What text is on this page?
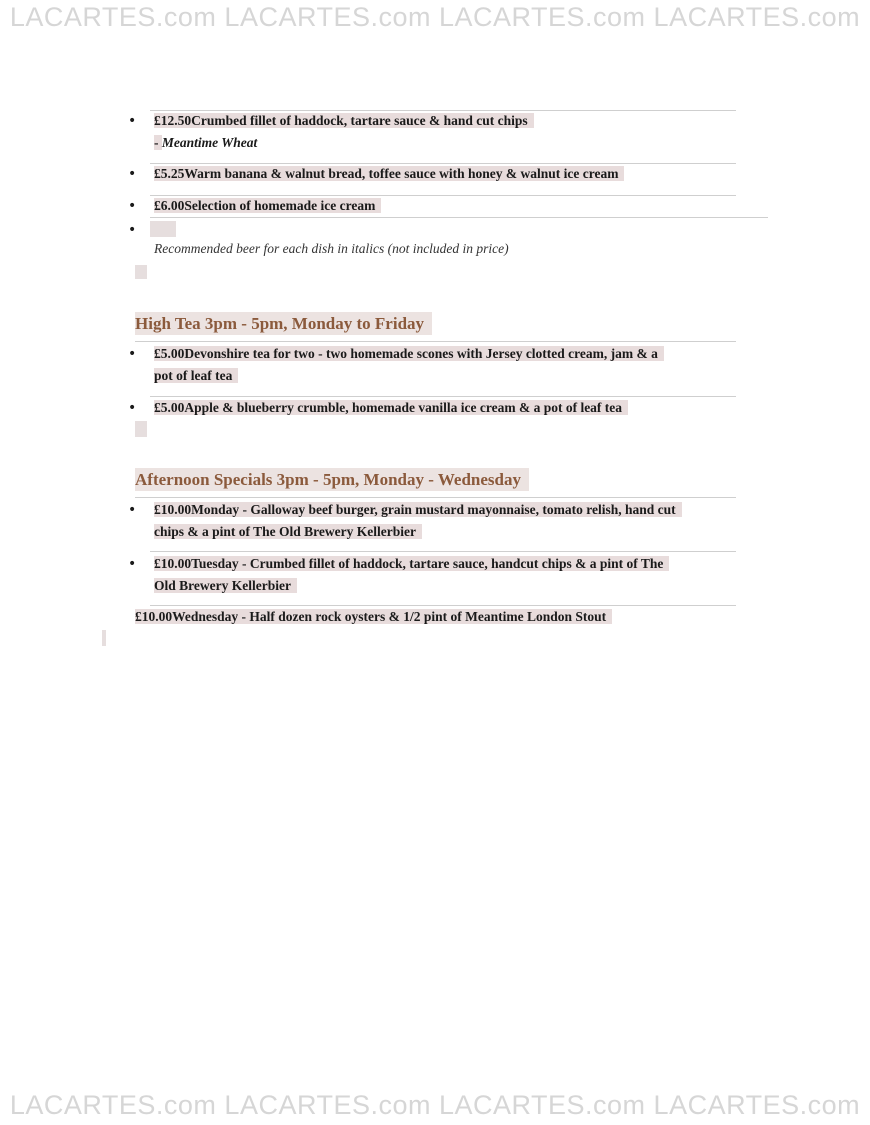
LACARTES.com LACARTES.com LACARTES.com LACARTES.com
LACARTES.com LACARTES.com LACARTES.com LACARTES.com
• £12.50Crumbed fillet of haddock, tartare sauce & hand cut chips
- Meantime Wheat
• £5.25Warm banana & walnut bread, toffee sauce with honey & walnut ice cream
• £6.00Selection of homemade ice cream
•
Recommended beer for each dish in italics (not included in price)
High Tea 3pm - 5pm, Monday to Friday
• £5.00Devonshire tea for two - two homemade scones with Jersey clotted cream, jam & a
pot of leaf tea
• £5.00Apple & blueberry crumble, homemade vanilla ice cream & a pot of leaf tea
Afternoon Specials 3pm - 5pm, Monday - Wednesday
• £10.00Monday - Galloway beef burger, grain mustard mayonnaise, tomato relish, hand cut
chips & a pint of The Old Brewery Kellerbier
• £10.00Tuesday - Crumbed fillet of haddock, tartare sauce, handcut chips & a pint of The
Old Brewery Kellerbier
£10.00Wednesday - Half dozen rock oysters & 1/2 pint of Meantime London Stout
